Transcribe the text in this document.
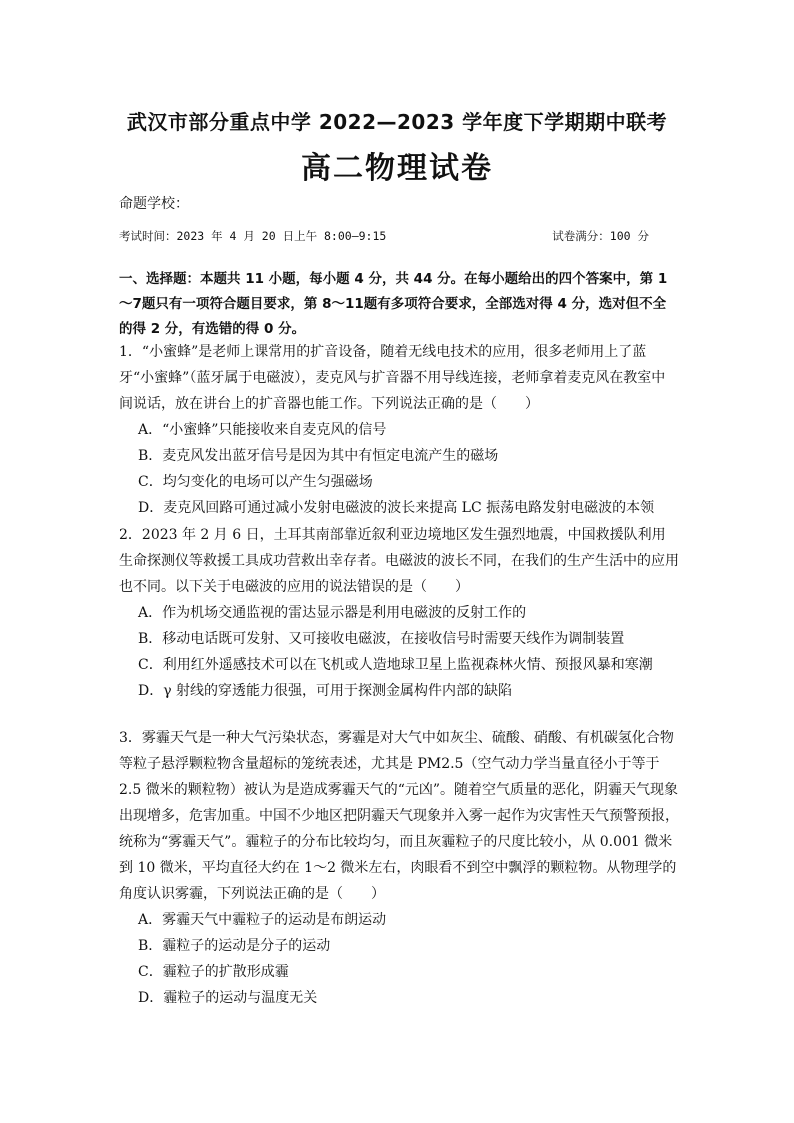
武汉市部分重点中学 2022—2023 学年度下学期期中联考
高二物理试卷
命题学校：
考试时间：2023 年 4 月 20 日上午 8:00—9:15	试卷满分：100 分
一、选择题：本题共 11 小题，每小题 4 分，共 44 分。在每小题给出的四个答案中，第 1～7题只有一项符合题目要求，第 8～11题有多项符合要求，全部选对得 4 分，选对但不全的得 2 分，有选错的得 0 分。
1．“小蜜蜂”是老师上课常用的扩音设备，随着无线电技术的应用，很多老师用上了蓝牙“小蜜蜂”（蓝牙属于电磁波），麦克风与扩音器不用导线连接，老师拿着麦克风在教室中间说话，放在讲台上的扩音器也能工作。下列说法正确的是（　　）
A．“小蜜蜂”只能接收来自麦克风的信号
B．麦克风发出蓝牙信号是因为其中有恒定电流产生的磁场
C．均匀变化的电场可以产生匀强磁场
D．麦克风回路可通过减小发射电磁波的波长来提高 LC 振荡电路发射电磁波的本领
2．2023 年 2 月 6 日，土耳其南部靠近叙利亚边境地区发生强烈地震，中国救援队利用生命探测仪等救援工具成功营救出幸存者。电磁波的波长不同，在我们的生产生活中的应用也不同。以下关于电磁波的应用的说法错误的是（　　）
A．作为机场交通监视的雷达显示器是利用电磁波的反射工作的
B．移动电话既可发射、又可接收电磁波，在接收信号时需要天线作为调制装置
C．利用红外遥感技术可以在飞机或人造地球卫星上监视森林火情、预报风暴和寒潮
D．γ 射线的穿透能力很强，可用于探测金属构件内部的缺陷
3．雾霾天气是一种大气污染状态，雾霾是对大气中如灰尘、硫酸、硝酸、有机碳氢化合物等粒子悬浮颗粒物含量超标的笼统表述，尤其是 PM2.5（空气动力学当量直径小于等于 2.5 微米的颗粒物）被认为是造成雾霾天气的“元凶”。随着空气质量的恶化，阴霾天气现象出现增多，危害加重。中国不少地区把阴霾天气现象并入雾一起作为灾害性天气预警预报，统称为“雾霾天气”。霾粒子的分布比较均匀，而且灰霾粒子的尺度比较小，从 0.001 微米到 10 微米，平均直径大约在 1～2 微米左右，肉眼看不到空中飘浮的颗粒物。从物理学的角度认识雾霾，下列说法正确的是（　　）
A．雾霾天气中霾粒子的运动是布朗运动
B．霾粒子的运动是分子的运动
C．霾粒子的扩散形成霾
D．霾粒子的运动与温度无关
